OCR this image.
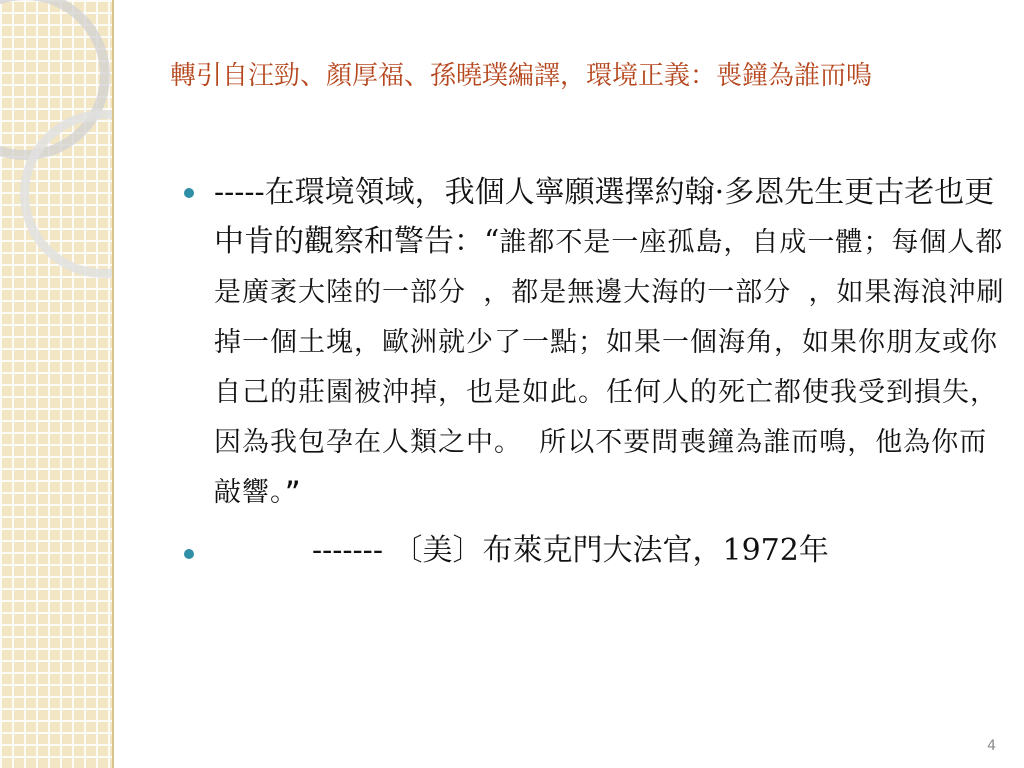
轉引自汪勁、顏厚福、孫曉璞編譯，環境正義：喪鐘為誰而鳴
-----在環境領域，我個人寧願選擇約翰·多恩先生更古老也更中肯的觀察和警告：“誰都不是一座孤島，自成一體；每個人都是廣袤大陸的一部分 ，都是無邊大海的一部分 ，如果海浪沖刷掉一個土塊，歐洲就少了一點；如果一個海角，如果你朋友或你自己的莊園被沖掉，也是如此。任何人的死亡都使我受到損失，因為我包孕在人類之中。 所以不要問喪鐘為誰而鳴，他為你而敲響。”
------- 〔美〕布萊克門大法官，1972年
4
